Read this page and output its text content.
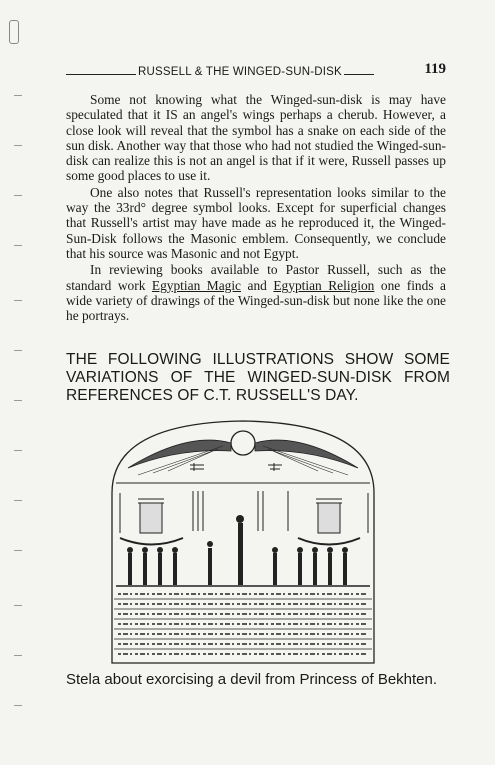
RUSSELL & THE WINGED-SUN-DISK	119

Some not knowing what the Winged-sun-disk is may have speculated that it IS an angel's wings perhaps a cherub. However, a close look will reveal that the symbol has a snake on each side of the sun disk. Another way that those who had not studied the Winged-sun-disk can realize this is not an angel is that if it were, Russell passes up some good places to use it.

One also notes that Russell's representation looks similar to the way the 33rd° degree symbol looks. Except for superficial changes that Russell's artist may have made as he reproduced it, the Winged-Sun-Disk follows the Masonic emblem. Consequently, we conclude that his source was Masonic and not Egypt.

In reviewing books available to Pastor Russell, such as the standard work Egyptian Magic and Egyptian Religion one finds a wide variety of drawings of the Winged-sun-disk but none like the one he portrays.

THE FOLLOWING ILLUSTRATIONS SHOW SOME VARIATIONS OF THE WINGED-SUN-DISK FROM REFERENCES OF C.T. RUSSELL'S DAY.
Stela about exorcising a devil from Princess of Bekhten.
